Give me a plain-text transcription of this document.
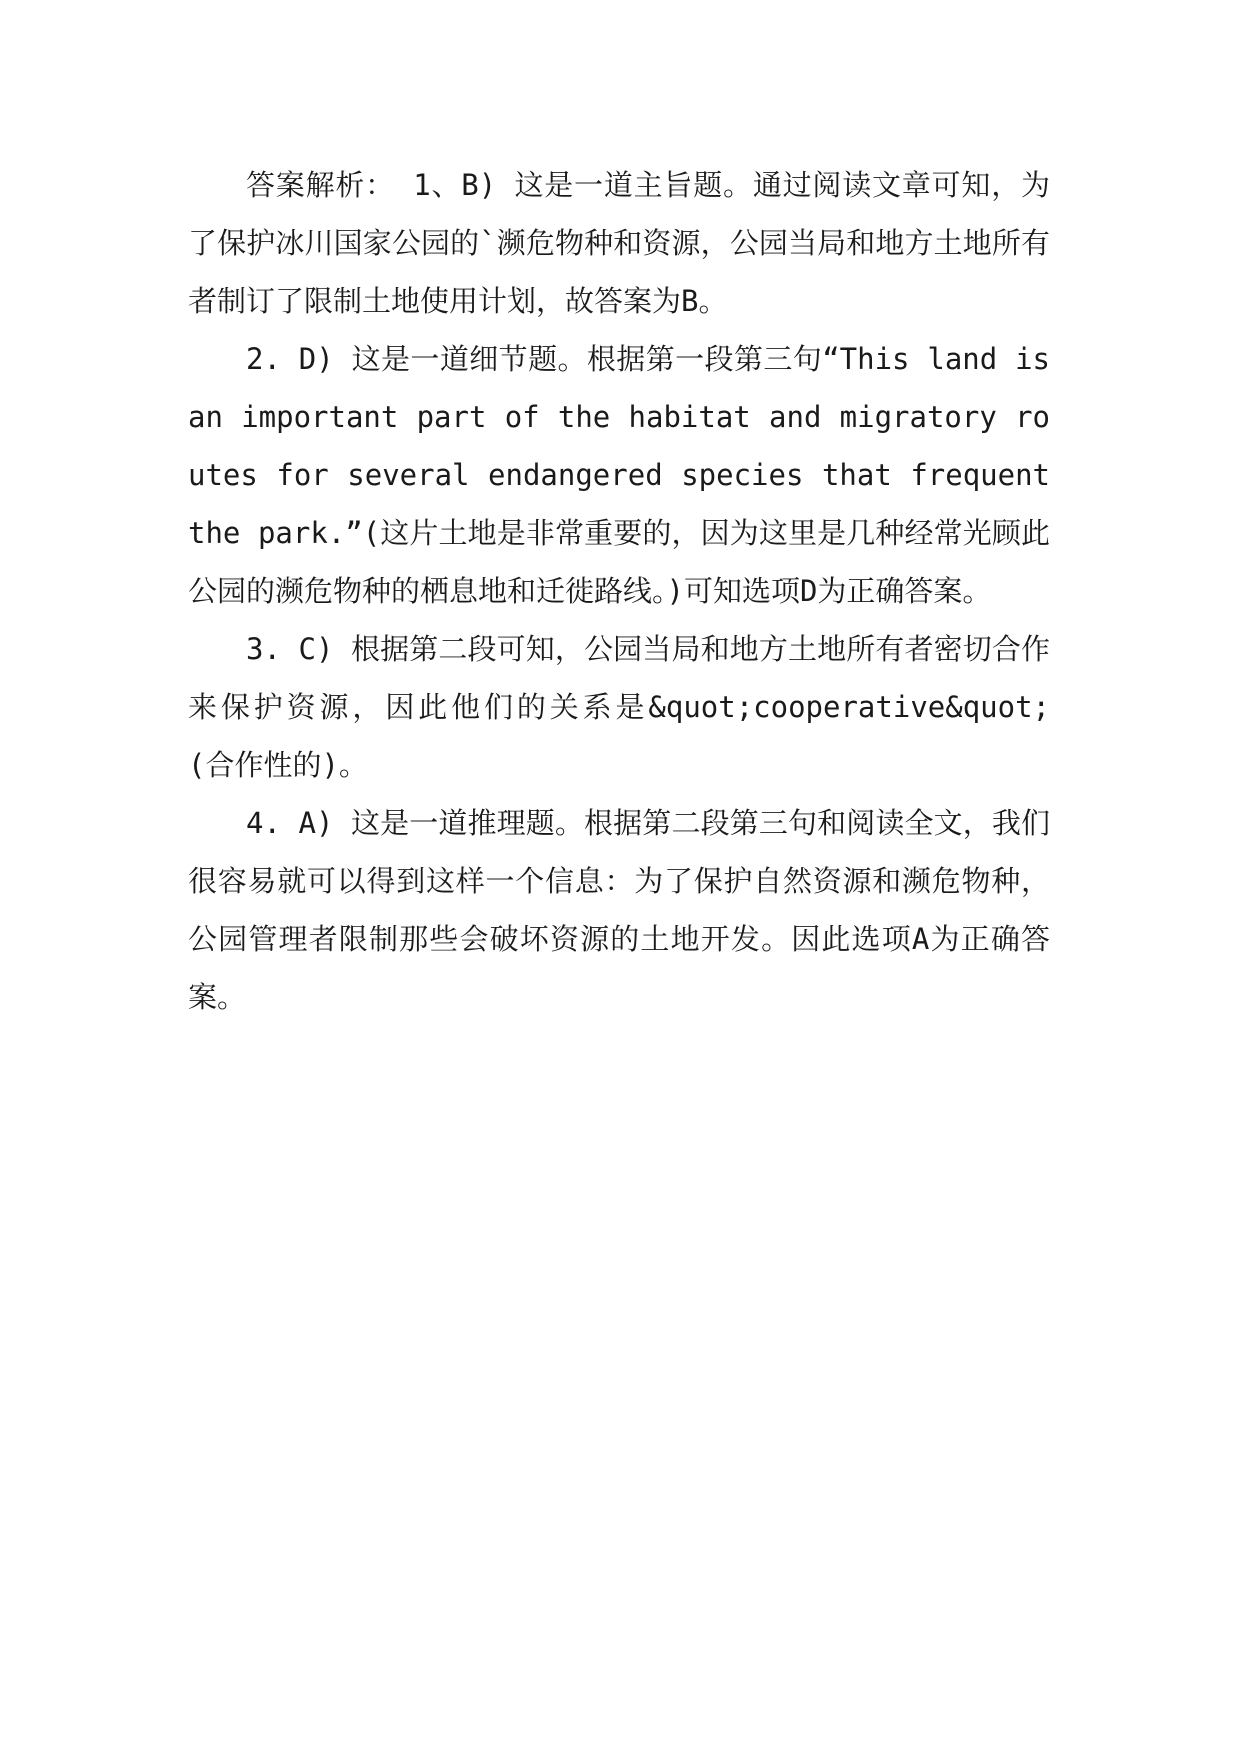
答案解析： 1、B) 这是一道主旨题。通过阅读文章可知，为了保护冰川国家公园的`濒危物种和资源，公园当局和地方土地所有者制订了限制土地使用计划，故答案为B。

2. D) 这是一道细节题。根据第一段第三句“This land is an important part of the habitat and migratory routes for several endangered species that frequent the park.”(这片土地是非常重要的，因为这里是几种经常光顾此公园的濒危物种的栖息地和迁徙路线。)可知选项D为正确答案。

3. C) 根据第二段可知，公园当局和地方土地所有者密切合作来保护资源，因此他们的关系是&quot;cooperative&quot; (合作性的)。

4. A) 这是一道推理题。根据第二段第三句和阅读全文，我们很容易就可以得到这样一个信息：为了保护自然资源和濒危物种，公园管理者限制那些会破坏资源的土地开发。因此选项A为正确答案。
